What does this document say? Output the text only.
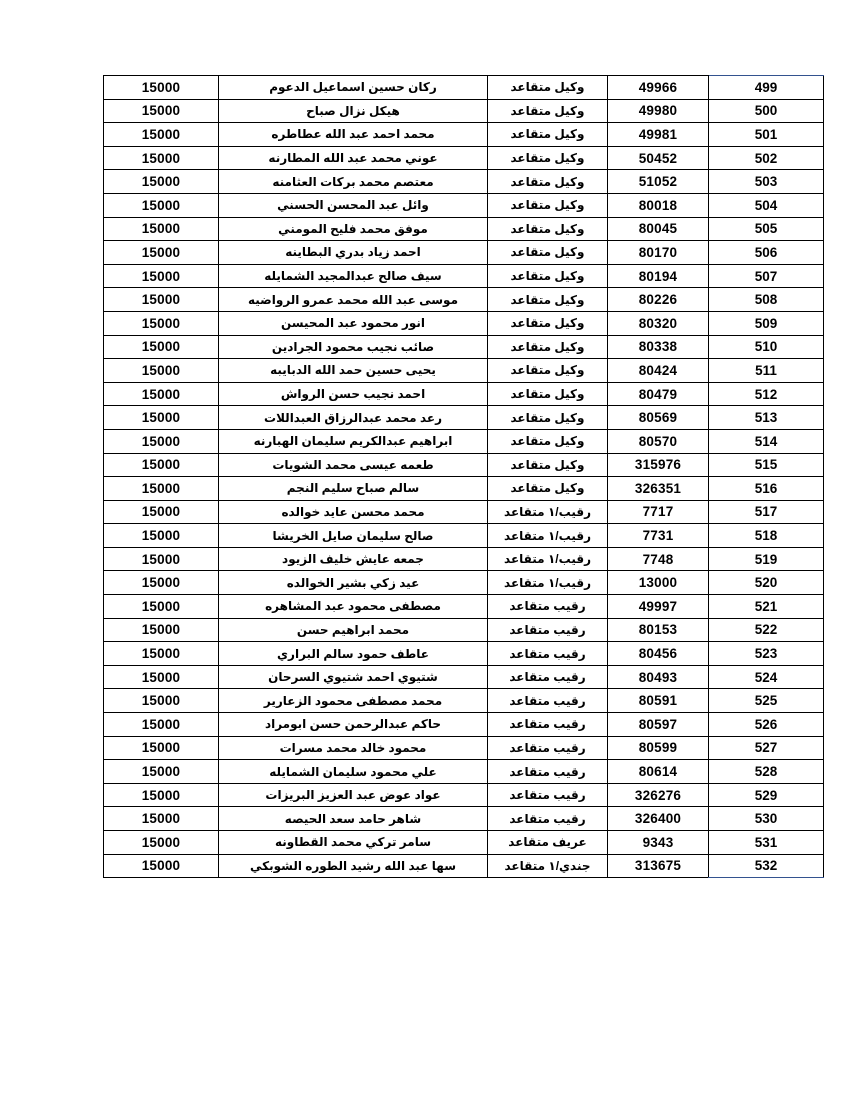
499	49966	وكيل متقاعد	ركان حسين اسماعيل الدعوم	15000
500	49980	وكيل متقاعد	هيكل نزال صباح	15000
501	49981	وكيل متقاعد	محمد احمد عبد الله عطاطره	15000
502	50452	وكيل متقاعد	عوني محمد عبد الله المطارنه	15000
503	51052	وكيل متقاعد	معتصم محمد بركات العثامنه	15000
504	80018	وكيل متقاعد	وائل عبد المحسن الحسني	15000
505	80045	وكيل متقاعد	موفق محمد فليح المومني	15000
506	80170	وكيل متقاعد	احمد زياد بدري البطاينه	15000
507	80194	وكيل متقاعد	سيف صالح عبدالمجيد الشمايله	15000
508	80226	وكيل متقاعد	موسى عبد الله محمد عمرو الرواضيه	15000
509	80320	وكيل متقاعد	انور محمود عبد المحيسن	15000
510	80338	وكيل متقاعد	صائب نجيب محمود الجرادين	15000
511	80424	وكيل متقاعد	يحيى حسين حمد الله الدبايبه	15000
512	80479	وكيل متقاعد	احمد نجيب حسن الرواش	15000
513	80569	وكيل متقاعد	رعد محمد عبدالرزاق العبداللات	15000
514	80570	وكيل متقاعد	ابراهيم عبدالكريم سليمان الهبارنه	15000
515	315976	وكيل متقاعد	طعمه عيسى محمد الشويات	15000
516	326351	وكيل متقاعد	سالم صباح سليم النجم	15000
517	7717	رقيب/١ متقاعد	محمد محسن عايد خوالده	15000
518	7731	رقيب/١ متقاعد	صالح سليمان صايل الخريشا	15000
519	7748	رقيب/١ متقاعد	جمعه عايش خليف الزيود	15000
520	13000	رقيب/١ متقاعد	عيد زكي بشير الخوالده	15000
521	49997	رقيب متقاعد	مصطفى محمود عبد المشاهره	15000
522	80153	رقيب متقاعد	محمد ابراهيم حسن	15000
523	80456	رقيب متقاعد	عاطف حمود سالم البراري	15000
524	80493	رقيب متقاعد	شتيوي احمد شتيوي السرحان	15000
525	80591	رقيب متقاعد	محمد مصطفى محمود الزعارير	15000
526	80597	رقيب متقاعد	حاكم عبدالرحمن حسن ابومراد	15000
527	80599	رقيب متقاعد	محمود خالد محمد مسرات	15000
528	80614	رقيب متقاعد	علي محمود سليمان الشمايله	15000
529	326276	رقيب متقاعد	عواد عوض عبد العزيز البريزات	15000
530	326400	رقيب متقاعد	شاهر حامد سعد الحيصه	15000
531	9343	عريف متقاعد	سامر تركي محمد القطاونه	15000
532	313675	جندي/١ متقاعد	سها عبد الله رشيد الطوره الشوبكي	15000
